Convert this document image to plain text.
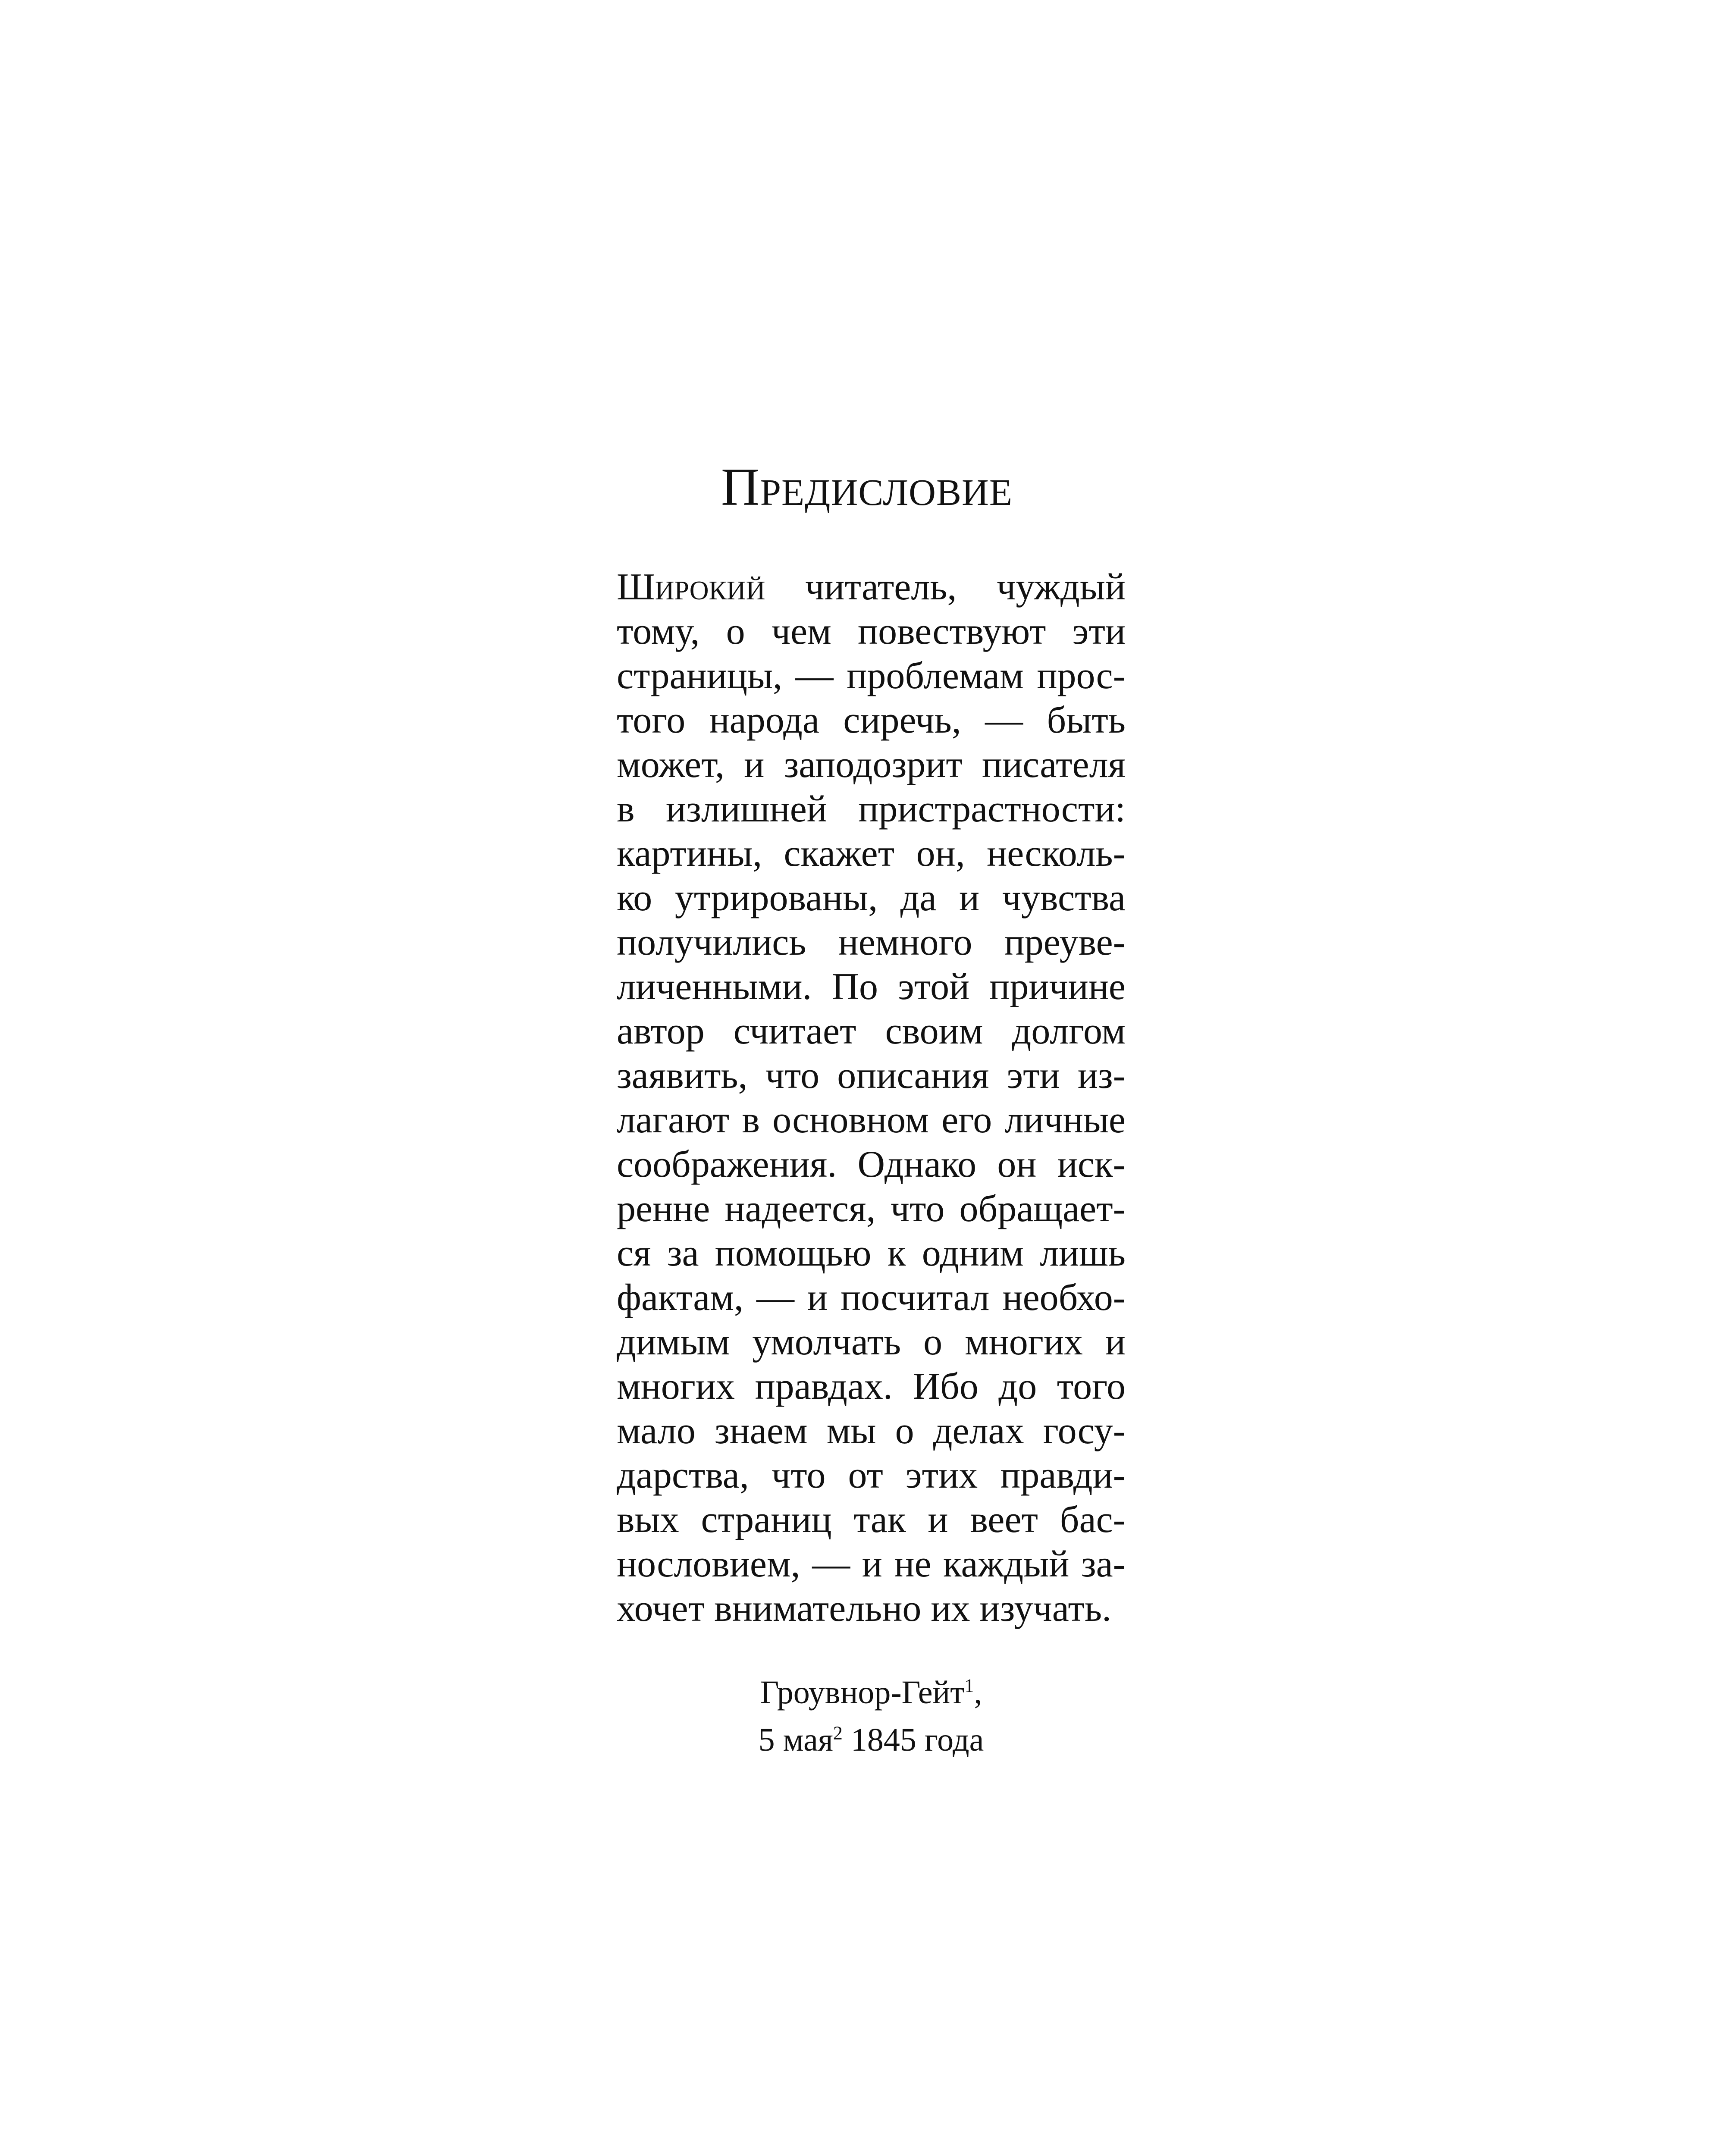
Предисловие
Широкий читатель, чуждый
тому, о чем повествуют эти
страницы, — проблемам прос-
того народа сиречь, — быть
может, и заподозрит писателя
в излишней пристрастности:
картины, скажет он, несколь-
ко утрированы, да и чувства
получились немного преуве-
личенными. По этой причине
автор считает своим долгом
заявить, что описания эти из-
лагают в основном его личные
соображения. Однако он иск-
ренне надеется, что обращает-
ся за помощью к одним лишь
фактам, — и посчитал необхо-
димым умолчать о многих и
многих правдах. Ибо до того
мало знаем мы о делах госу-
дарства, что от этих правди-
вых страниц так и веет бас-
нословием, — и не каждый за-
хочет внимательно их изучать.
Гроувнор-Гейт$^1$,
5 мая$^2$ 1845 года
